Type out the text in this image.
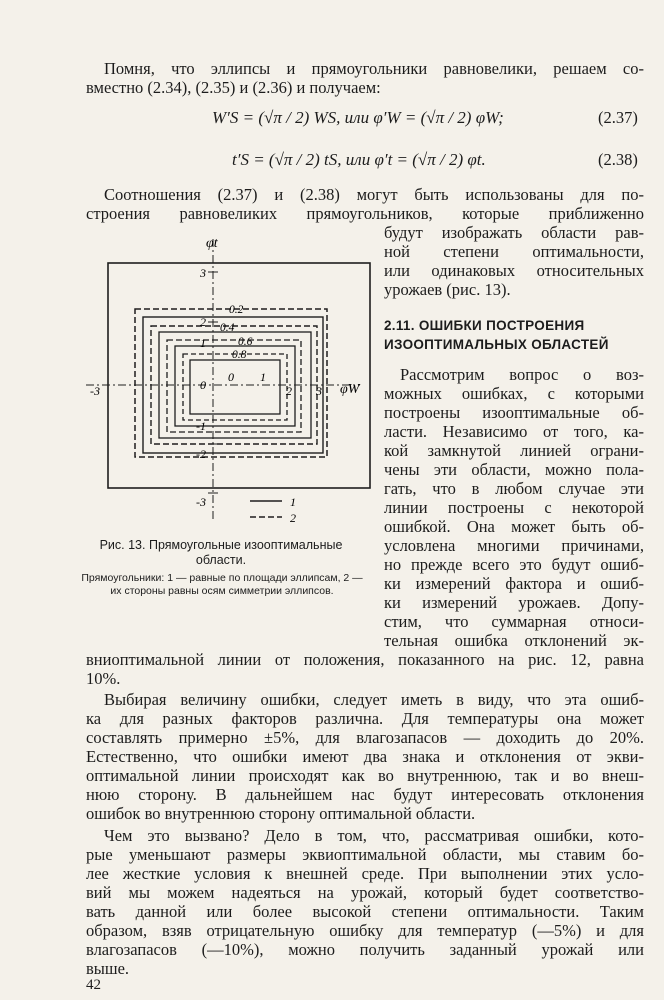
Помня, что эллипсы и прямоугольники равновелики, решаем со-
вместно (2.34), (2.35) и (2.36) и получаем:
W′S = (√π / 2) WS, или φ′W = (√π / 2) φW;	(2.37)
t′S = (√π / 2) tS, или φ′t = (√π / 2) φt.	(2.38)
Соотношения (2.37) и (2.38) могут быть использованы для по-
строения равновеликих прямоугольников, которые приближенно
будут изображать области рав-
ной степени оптимальности,
или одинаковых относительных
урожаев (рис. 13).
2.11. ОШИБКИ ПОСТРОЕНИЯ
ИЗООПТИМАЛЬНЫХ ОБЛАСТЕЙ
Рассмотрим вопрос о воз-
можных ошибках, с которыми
построены изооптимальные об-
ласти. Независимо от того, ка-
кой замкнутой линией ограни-
чены эти области, можно пола-
гать, что в любом случае эти
линии построены с некоторой
ошибкой. Она может быть об-
условлена многими причинами,
но прежде всего это будут ошиб-
ки измерений фактора и ошиб-
ки измерений урожаев. Допу-
стим, что суммарная относи-
тельная ошибка отклонений эк-
φt
φW
3
2
1
0
-1
-2
-3
-3
0 1
2 3
0.2
0.4
0.6
0.8
1
2
Рис. 13. Прямоугольные изооптимальные области.
Прямоугольники: 1 — равные по площади эллипсам, 2 — их стороны равны осям симметрии эллипсов.
вниоптимальной линии от положения, показанного на рис. 12, равна
10%.
Выбирая величину ошибки, следует иметь в виду, что эта ошиб-
ка для разных факторов различна. Для температуры она может
составлять примерно ±5%, для влагозапасов — доходить до 20%.
Естественно, что ошибки имеют два знака и отклонения от экви-
оптимальной линии происходят как во внутреннюю, так и во внеш-
нюю сторону. В дальнейшем нас будут интересовать отклонения
ошибок во внутреннюю сторону оптимальной области.
Чем это вызвано? Дело в том, что, рассматривая ошибки, кото-
рые уменьшают размеры эквиоптимальной области, мы ставим бо-
лее жесткие условия к внешней среде. При выполнении этих усло-
вий мы можем надеяться на урожай, который будет соответство-
вать данной или более высокой степени оптимальности. Таким
образом, взяв отрицательную ошибку для температур (—5%) и для
влагозапасов (—10%), можно получить заданный урожай или
выше.
42
